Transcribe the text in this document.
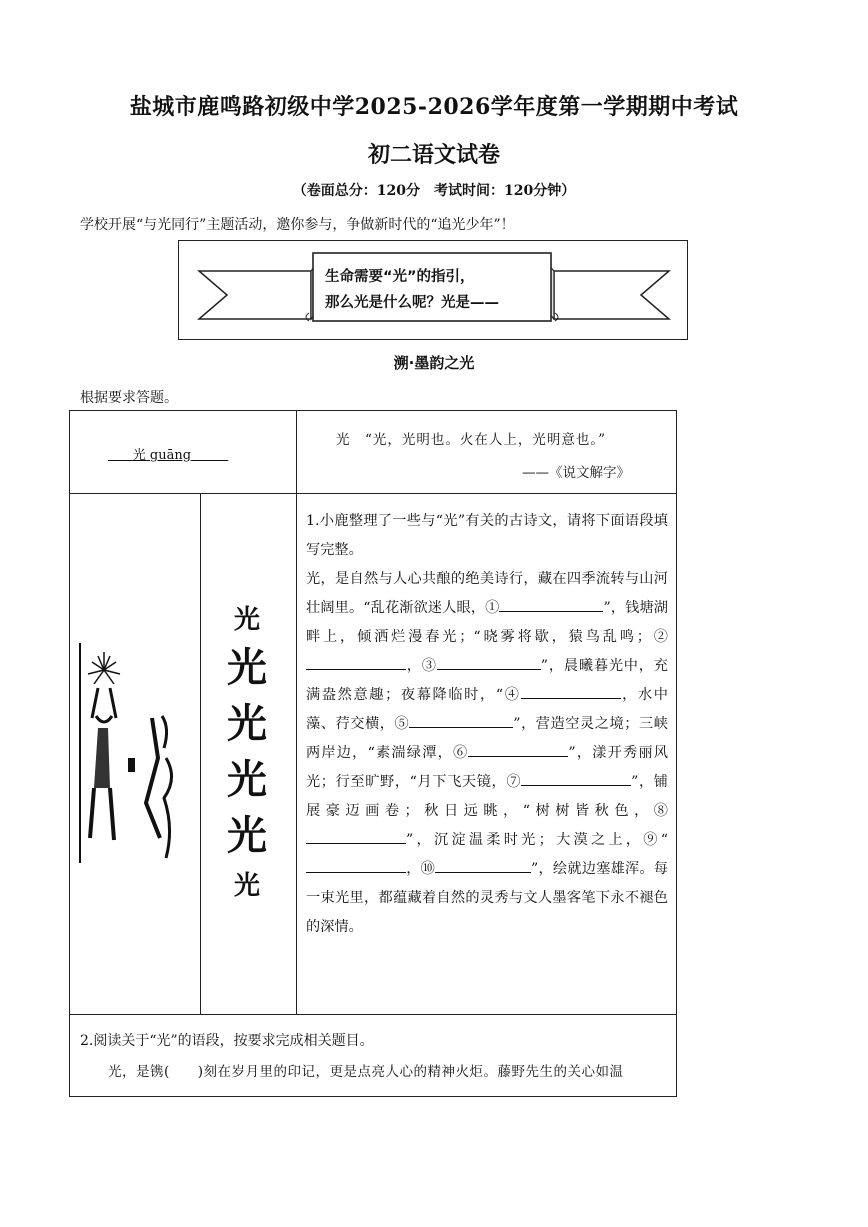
盐城市鹿鸣路初级中学2025-2026学年度第一学期期中考试
初二语文试卷
（卷面总分：120分　考试时间：120分钟）
学校开展“与光同行”主题活动，邀你参与，争做新时代的“追光少年”！
生命需要“光”的指引，
那么光是什么呢？光是——
溯·墨韵之光
根据要求答题。
光 guāng
光　“光，光明也。火在人上，光明意也。”
——《说文解字》
光
光
光
光
光
光

1.小鹿整理了一些与“光”有关的古诗文，请将下面语段填写完整。

光，是自然与人心共酿的绝美诗行，藏在四季流转与山河壮阔里。“乱花渐欲迷人眼，①	”，钱塘湖畔上，倾洒烂漫春光；“晓雾将歇，猿鸟乱鸣；②，③	”，晨曦暮光中，充满盎然意趣；夜幕降临时，“④	，水中藻、荇交横，⑤	”，营造空灵之境；三峡两岸边，“素湍绿潭，⑥	”，漾开秀丽风光；行至旷野，“月下飞天镜，⑦	”，铺展豪迈画卷；秋日远眺，“树树皆秋色，⑧”，沉淀温柔时光；大漠之上，⑨“，⑩	”，绘就边塞雄浑。每一束光里，都蕴藏着自然的灵秀与文人墨客笔下永不褪色的深情。

2.阅读关于“光”的语段，按要求完成相关题目。
光，是镌(　　)刻在岁月里的印记，更是点亮人心的精神火炬。藤野先生的关心如温
